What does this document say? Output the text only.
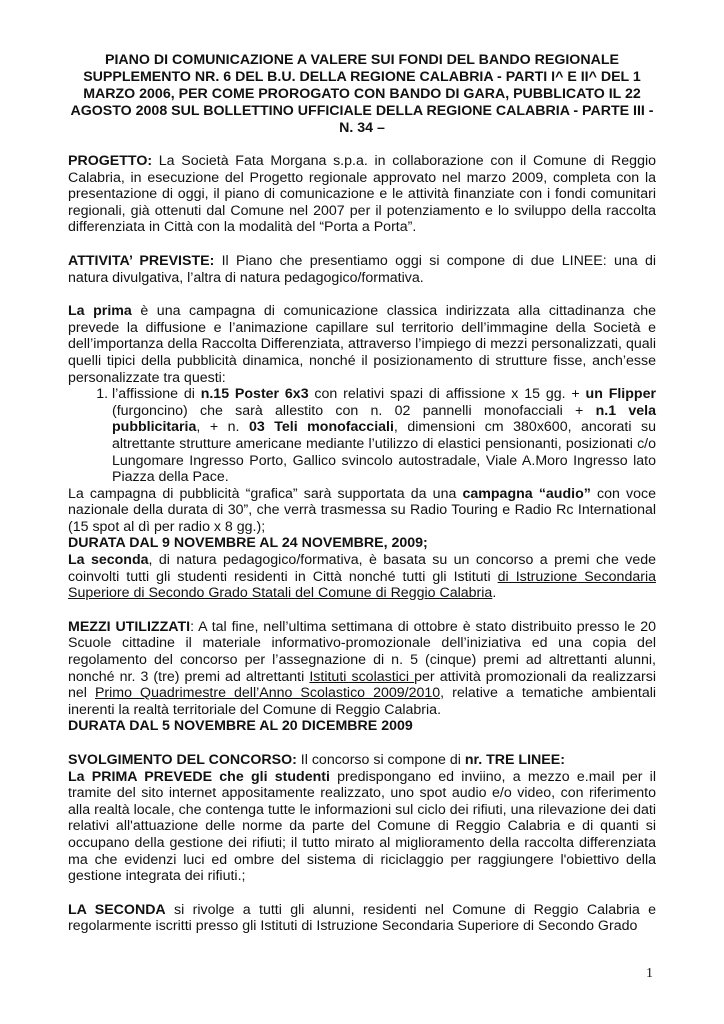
PIANO DI COMUNICAZIONE A VALERE SUI FONDI DEL BANDO REGIONALE SUPPLEMENTO NR. 6 DEL B.U. DELLA REGIONE CALABRIA - PARTI I^ E II^ DEL 1 MARZO 2006, PER COME PROROGATO CON BANDO DI GARA, PUBBLICATO IL 22 AGOSTO 2008 SUL BOLLETTINO UFFICIALE DELLA REGIONE CALABRIA - PARTE III - N. 34 –

PROGETTO: La Società Fata Morgana s.p.a. in collaborazione con il Comune di Reggio Calabria, in esecuzione del Progetto regionale approvato nel marzo 2009, completa con la presentazione di oggi, il piano di comunicazione e le attività finanziate con i fondi comunitari regionali, già ottenuti dal Comune nel 2007 per il potenziamento e lo sviluppo della raccolta differenziata in Città con la modalità del “Porta a Porta”.

ATTIVITA’ PREVISTE: Il Piano che presentiamo oggi si compone di due LINEE: una di natura divulgativa, l’altra di natura pedagogico/formativa.

La prima è una campagna di comunicazione classica indirizzata alla cittadinanza che prevede la diffusione e l’animazione capillare sul territorio dell’immagine della Società e dell’importanza della Raccolta Differenziata, attraverso l’impiego di mezzi personalizzati, quali quelli tipici della pubblicità dinamica, nonché il posizionamento di strutture fisse, anch’esse personalizzate tra questi:

1. l’affissione di n.15 Poster 6x3 con relativi spazi di affissione x 15 gg. + un Flipper (furgoncino) che sarà allestito con n. 02 pannelli monofacciali + n.1 vela pubblicitaria, + n. 03 Teli monofacciali, dimensioni cm 380x600, ancorati su altrettante strutture americane mediante l’utilizzo di elastici pensionanti, posizionati c/o Lungomare Ingresso Porto, Gallico svincolo autostradale, Viale A.Moro Ingresso lato Piazza della Pace.

La campagna di pubblicità “grafica” sarà supportata da una campagna “audio” con voce nazionale della durata di 30”, che verrà trasmessa su Radio Touring e Radio Rc International (15 spot al dì per radio x 8 gg.);

DURATA DAL 9 NOVEMBRE AL 24 NOVEMBRE, 2009;

La seconda, di natura pedagogico/formativa, è basata su un concorso a premi che vede coinvolti tutti gli studenti residenti in Città nonché tutti gli Istituti di Istruzione Secondaria Superiore di Secondo Grado Statali del Comune di Reggio Calabria.

MEZZI UTILIZZATI: A tal fine, nell’ultima settimana di ottobre è stato distribuito presso le 20 Scuole cittadine il materiale informativo-promozionale dell’iniziativa ed una copia del regolamento del concorso per l’assegnazione di n. 5 (cinque) premi ad altrettanti alunni, nonché nr. 3 (tre) premi ad altrettanti Istituti scolastici per attività promozionali da realizzarsi nel Primo Quadrimestre dell’Anno Scolastico 2009/2010, relative a tematiche ambientali inerenti la realtà territoriale del Comune di Reggio Calabria.

DURATA DAL 5 NOVEMBRE AL 20 DICEMBRE 2009

SVOLGIMENTO DEL CONCORSO: Il concorso si compone di nr. TRE LINEE:

La PRIMA PREVEDE che gli studenti predispongano ed inviino, a mezzo e.mail per il tramite del sito internet appositamente realizzato, uno spot audio e/o video, con riferimento alla realtà locale, che contenga tutte le informazioni sul ciclo dei rifiuti, una rilevazione dei dati relativi all'attuazione delle norme da parte del Comune di Reggio Calabria e di quanti si occupano della gestione dei rifiuti; il tutto mirato al miglioramento della raccolta differenziata ma che evidenzi luci ed ombre del sistema di riciclaggio per raggiungere l'obiettivo della gestione integrata dei rifiuti.;

LA SECONDA si rivolge a tutti gli alunni, residenti nel Comune di Reggio Calabria e regolarmente iscritti presso gli Istituti di Istruzione Secondaria Superiore di Secondo Grado

1
